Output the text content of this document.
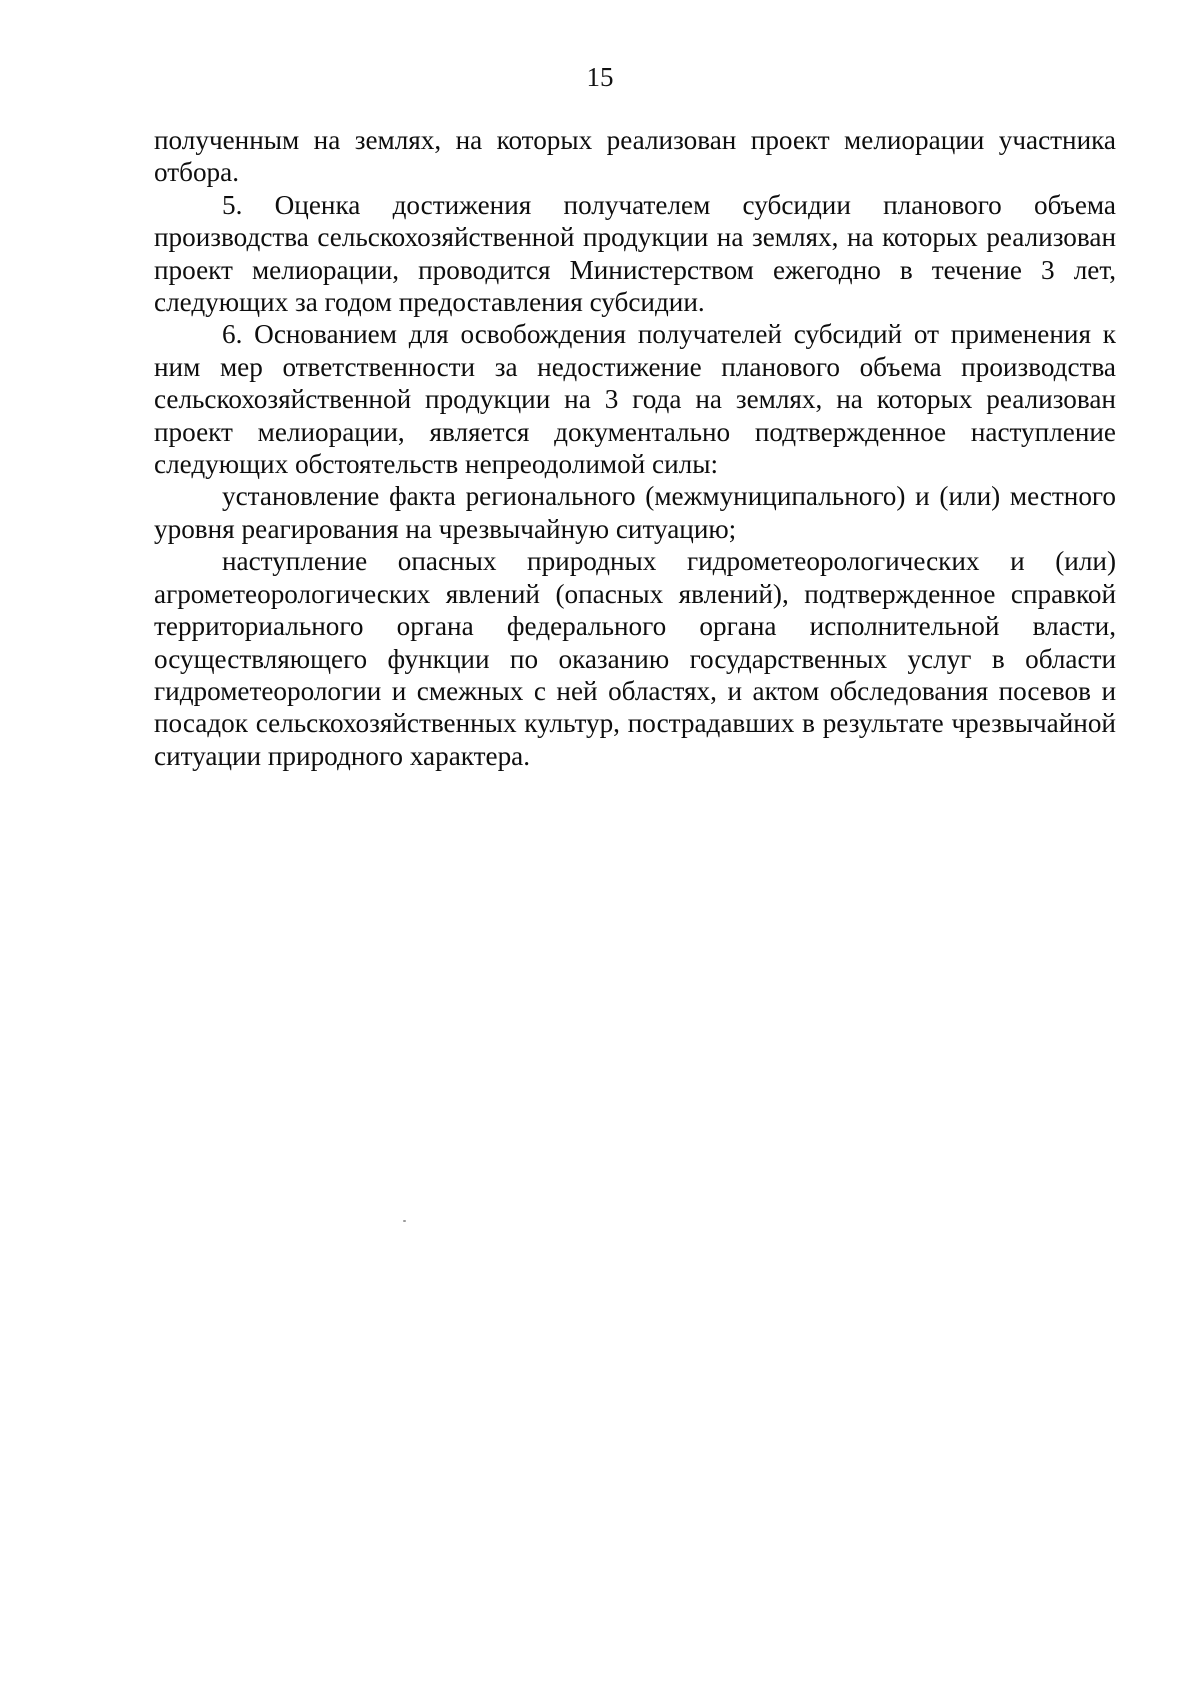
15

полученным на землях, на которых реализован проект мелиорации участника отбора.

5. Оценка достижения получателем субсидии планового объема производства сельскохозяйственной продукции на землях, на которых реализован проект мелиорации, проводится Министерством ежегодно в течение 3 лет, следующих за годом предоставления субсидии.

6. Основанием для освобождения получателей субсидий от применения к ним мер ответственности за недостижение планового объема производства сельскохозяйственной продукции на 3 года на землях, на которых реализован проект мелиорации, является документально подтвержденное наступление следующих обстоятельств непреодолимой силы:

установление факта регионального (межмуниципального) и (или) местного уровня реагирования на чрезвычайную ситуацию;

наступление опасных природных гидрометеорологических и (или) агрометеорологических явлений (опасных явлений), подтвержденное справкой территориального органа федерального органа исполнительной власти, осуществляющего функции по оказанию государственных услуг в области гидрометеорологии и смежных с ней областях, и актом обследования посевов и посадок сельскохозяйственных культур, пострадавших в результате чрезвычайной ситуации природного характера.
